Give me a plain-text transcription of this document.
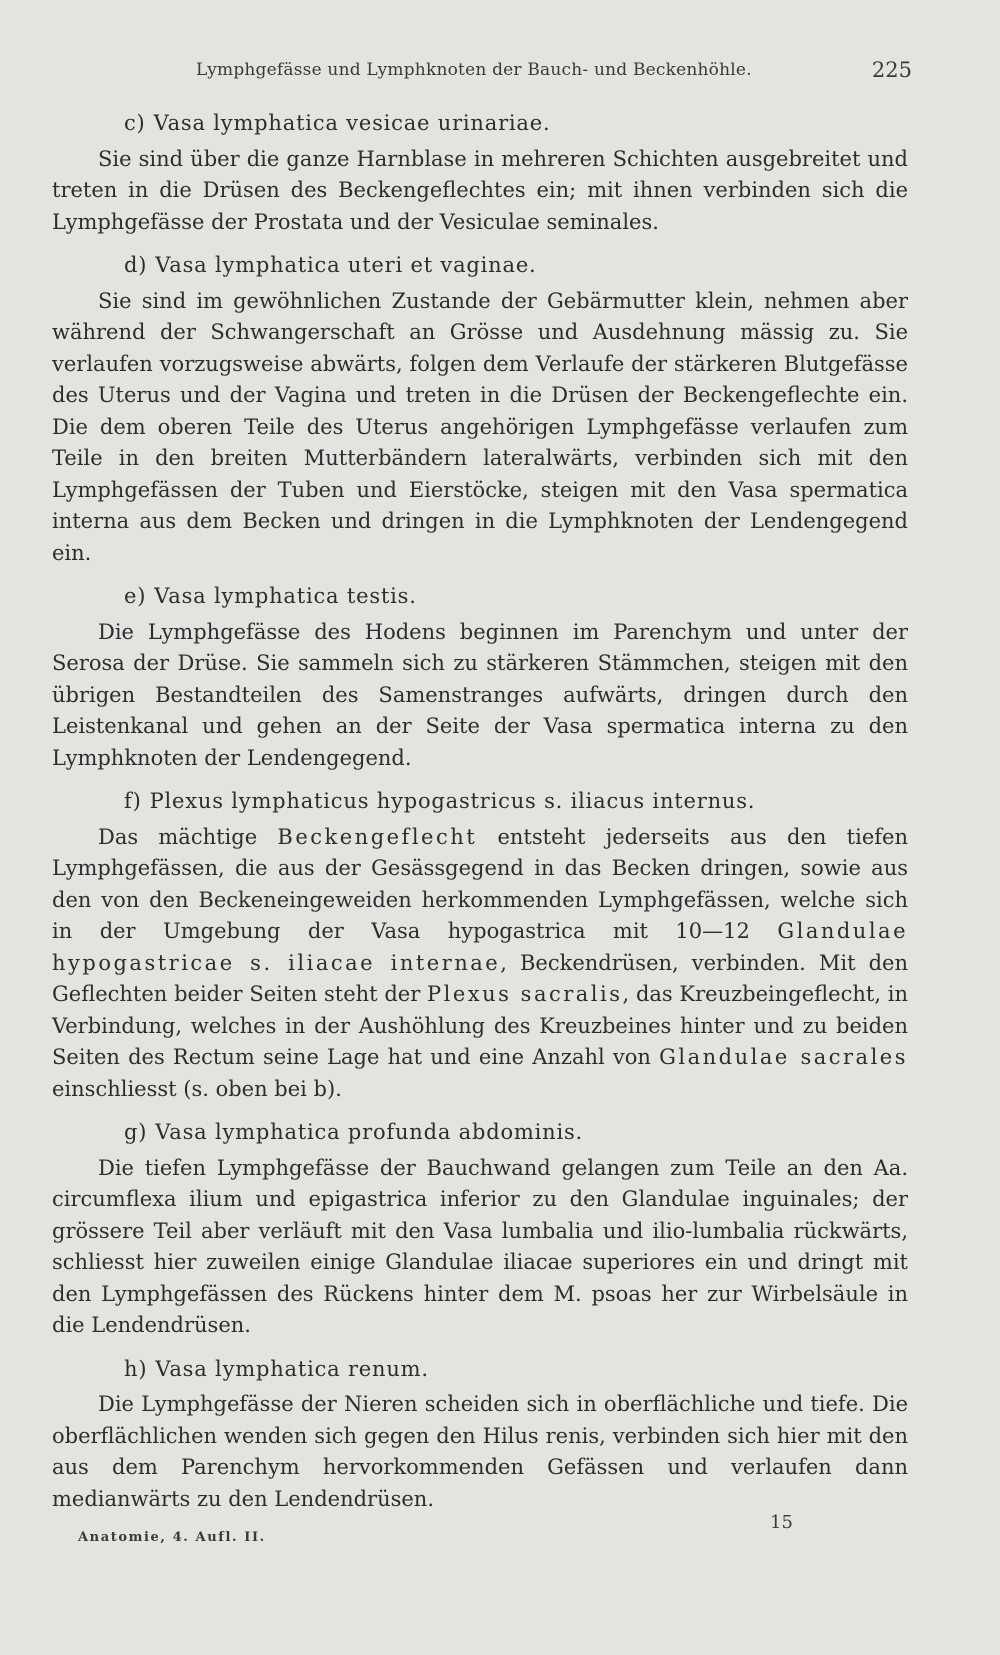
Lymphgefässe und Lymphknoten der Bauch- und Beckenhöhle.	225
c) Vasa lymphatica vesicae urinariae.

Sie sind über die ganze Harnblase in mehreren Schichten ausgebreitet und treten in die Drüsen des Beckengeflechtes ein; mit ihnen verbinden sich die Lymphgefässe der Prostata und der Vesiculae seminales.

d) Vasa lymphatica uteri et vaginae.

Sie sind im gewöhnlichen Zustande der Gebärmutter klein, nehmen aber während der Schwangerschaft an Grösse und Ausdehnung mässig zu. Sie verlaufen vorzugsweise abwärts, folgen dem Verlaufe der stärkeren Blutgefässe des Uterus und der Vagina und treten in die Drüsen der Beckengeflechte ein. Die dem oberen Teile des Uterus angehörigen Lymphgefässe verlaufen zum Teile in den breiten Mutterbändern lateralwärts, verbinden sich mit den Lymphgefässen der Tuben und Eierstöcke, steigen mit den Vasa spermatica interna aus dem Becken und dringen in die Lymphknoten der Lendengegend ein.

e) Vasa lymphatica testis.

Die Lymphgefässe des Hodens beginnen im Parenchym und unter der Serosa der Drüse. Sie sammeln sich zu stärkeren Stämmchen, steigen mit den übrigen Bestandteilen des Samenstranges aufwärts, dringen durch den Leistenkanal und gehen an der Seite der Vasa spermatica interna zu den Lymphknoten der Lendengegend.

f) Plexus lymphaticus hypogastricus s. iliacus internus.

Das mächtige Beckengeflecht entsteht jederseits aus den tiefen Lymphgefässen, die aus der Gesässgegend in das Becken dringen, sowie aus den von den Beckeneingeweiden herkommenden Lymphgefässen, welche sich in der Umgebung der Vasa hypogastrica mit 10—12 Glandulae hypogastricae s. iliacae internae, Beckendrüsen, verbinden. Mit den Geflechten beider Seiten steht der Plexus sacralis, das Kreuzbeingeflecht, in Verbindung, welches in der Aushöhlung des Kreuzbeines hinter und zu beiden Seiten des Rectum seine Lage hat und eine Anzahl von Glandulae sacrales einschliesst (s. oben bei b).

g) Vasa lymphatica profunda abdominis.

Die tiefen Lymphgefässe der Bauchwand gelangen zum Teile an den Aa. circumflexa ilium und epigastrica inferior zu den Glandulae inguinales; der grössere Teil aber verläuft mit den Vasa lumbalia und ilio-lumbalia rückwärts, schliesst hier zuweilen einige Glandulae iliacae superiores ein und dringt mit den Lymphgefässen des Rückens hinter dem M. psoas her zur Wirbelsäule in die Lendendrüsen.

h) Vasa lymphatica renum.

Die Lymphgefässe der Nieren scheiden sich in oberflächliche und tiefe. Die oberflächlichen wenden sich gegen den Hilus renis, verbinden sich hier mit den aus dem Parenchym hervorkommenden Gefässen und verlaufen dann medianwärts zu den Lendendrüsen.

Anatomie, 4. Aufl. II.
15
